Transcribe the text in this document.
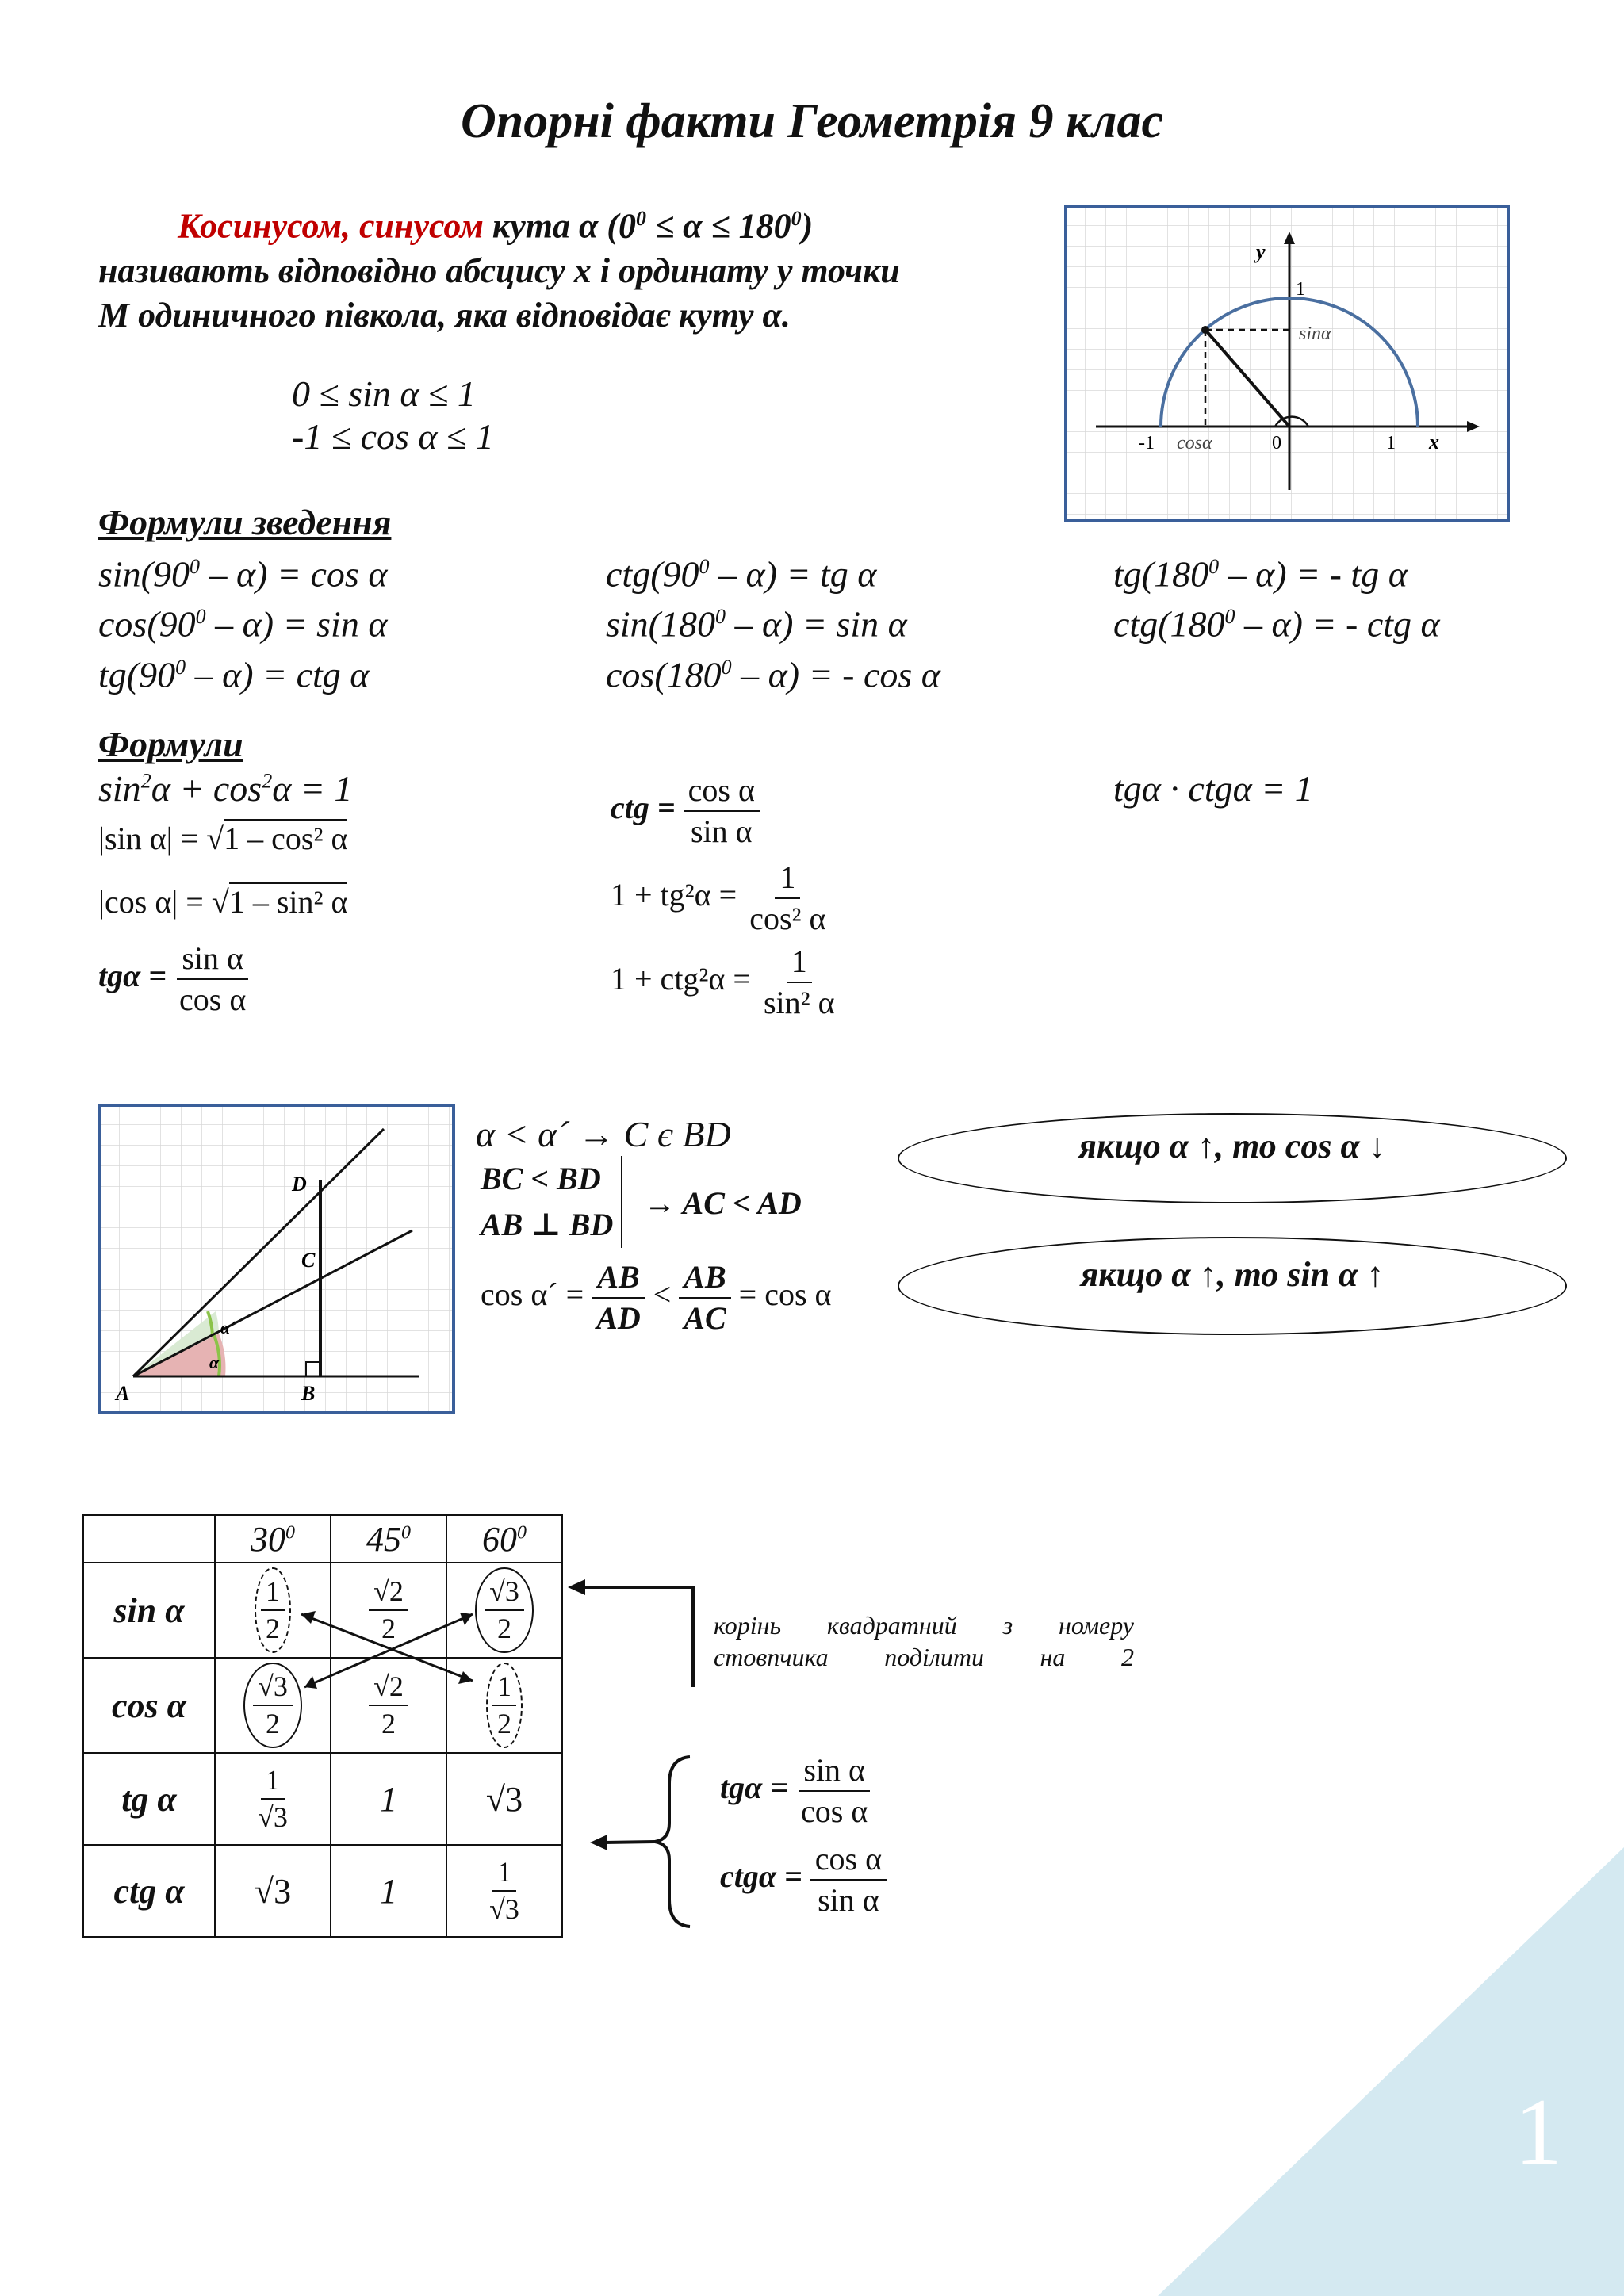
Опорні факти Геометрія 9 клас
Косинусом, синусом кута α $(0^0 \le \alpha \le 180^0)$
називають відповідно абсцису x і ординату y точки
M одиничного півкола, яка відповідає куту α.
0 ≤ sin α ≤ 1
-1 ≤ cos α ≤ 1
y
1
sinα
-1 cosα	0	1 x
Формули зведення
$\sin(90^0 - \alpha) = \cos \alpha$
$\cos(90^0 - \alpha) = \sin \alpha$
$tg(90^0 - \alpha)$ = ctg α
$ctg(90^0 - \alpha)$ = tg α
$\sin(180^0 - \alpha) = \sin \alpha$
$\cos(180^0 - \alpha)$ = - cos α
$tg(180^0 - \alpha)$ = - tg α
$ctg(180^0 - \alpha)$ = - ctg α
Формули
$\sin^2\alpha + \cos^2\alpha = 1$	tgα · ctgα = 1
|sin α| = √1 – cos² α
|cos α| = √1 – sin² α
$tg\alpha = \frac{\text{sin α}}{\text{cos α}}$
ctg = $\frac{\text{cos α}}{\text{sin α}}$
$1 + tg^2\alpha = \frac{1}{\text{cos² α}}$
$1 + ctg^2\alpha = \frac{1}{\text{sin² α}}$
D
C
A	B
α
α´
α < α´ → C є BD
BC < BD
AB ⊥ BD
→ AC < AD
cos α´ = $\frac{AB}{AD} < \frac{AB}{AC} = \cos \alpha$
якщо α ↑, то cos α ↓
якщо α ↑, то sin α ↑
	$30^0$	$45^0$	$60^0$
sin α	$\frac{1}{2}$	$\frac{√2}{2}$	$\frac{√3}{2}$

cos α	$\frac{√3}{2}$	$\frac{√2}{2}$	$\frac{1}{2}$

tg α	$\frac{1}{√3}$	1	√3
ctg α	√3	1	$\frac{1}{√3}$
корінь квадратний з номеру стовпчика поділити на 2
$tg\alpha = \frac{\text{sin α}}{\text{cos α}}$
$ctg\alpha = \frac{\text{cos α}}{\text{sin α}}$
1
